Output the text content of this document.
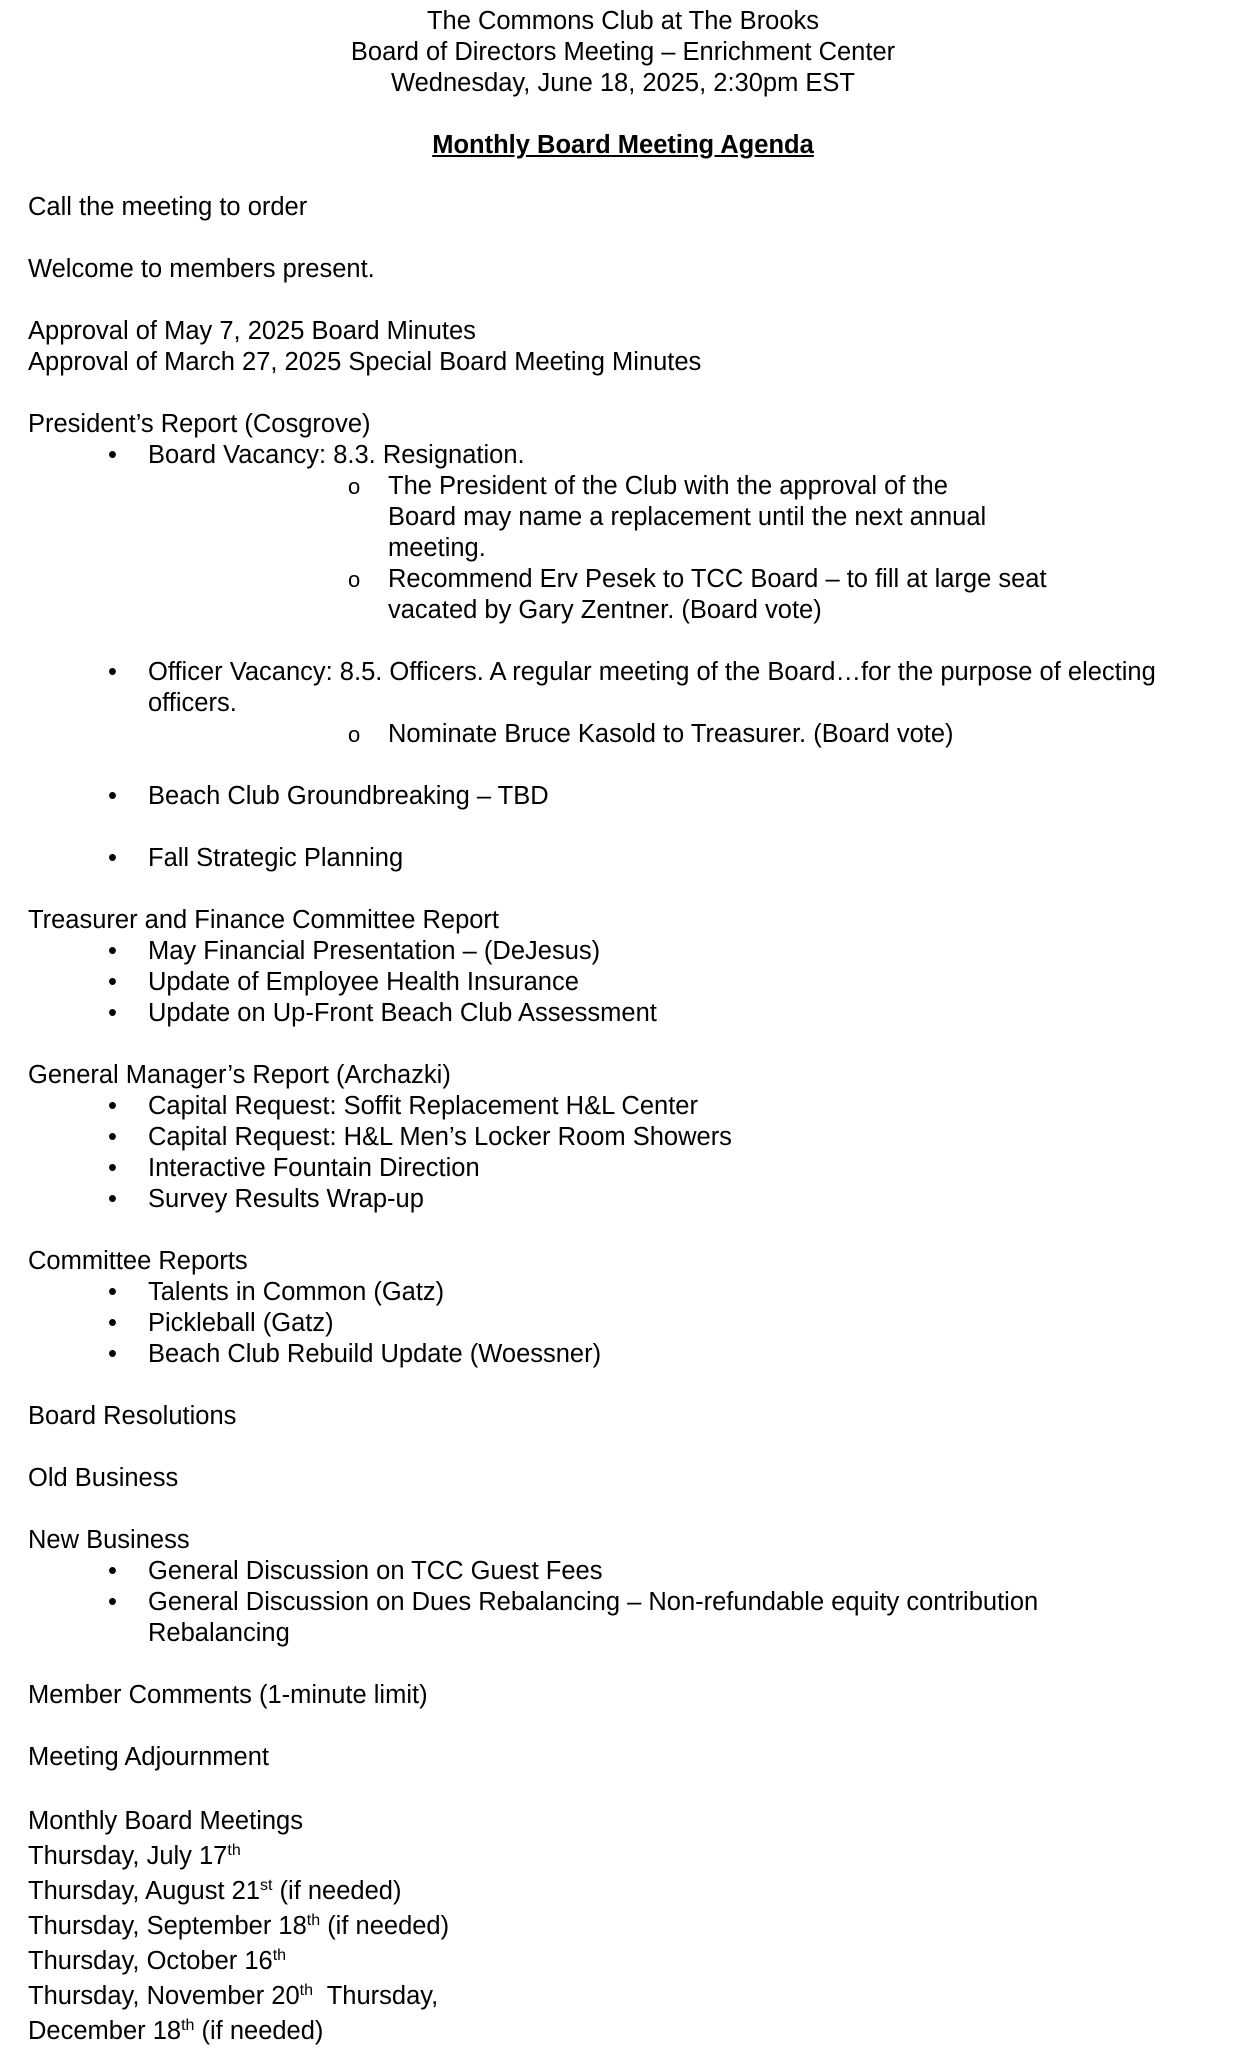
The Commons Club at The Brooks
Board of Directors Meeting – Enrichment Center
Wednesday, June 18, 2025, 2:30pm EST
Monthly Board Meeting Agenda
Call the meeting to order
Welcome to members present.
Approval of May 7, 2025 Board Minutes
Approval of March 27, 2025 Special Board Meeting Minutes
President’s Report (Cosgrove)
• Board Vacancy: 8.3. Resignation.
o The President of the Club with the approval of the Board may name a replacement until the next annual meeting.
o Recommend Erv Pesek to TCC Board – to fill at large seat vacated by Gary Zentner. (Board vote)
• Officer Vacancy: 8.5. Officers. A regular meeting of the Board…for the purpose of electing officers.
o Nominate Bruce Kasold to Treasurer. (Board vote)
• Beach Club Groundbreaking – TBD
• Fall Strategic Planning
Treasurer and Finance Committee Report
• May Financial Presentation – (DeJesus)
• Update of Employee Health Insurance
• Update on Up-Front Beach Club Assessment
General Manager’s Report (Archazki)
• Capital Request: Soffit Replacement H&L Center
• Capital Request: H&L Men’s Locker Room Showers
• Interactive Fountain Direction
• Survey Results Wrap-up
Committee Reports
• Talents in Common (Gatz)
• Pickleball (Gatz)
• Beach Club Rebuild Update (Woessner)
Board Resolutions
Old Business
New Business
• General Discussion on TCC Guest Fees
• General Discussion on Dues Rebalancing – Non-refundable equity contribution Rebalancing
Member Comments (1-minute limit)
Meeting Adjournment
Monthly Board Meetings
Thursday, July 17th
Thursday, August 21st (if needed)
Thursday, September 18th (if needed)
Thursday, October 16th
Thursday, November 20th  Thursday,
December 18th (if needed)
